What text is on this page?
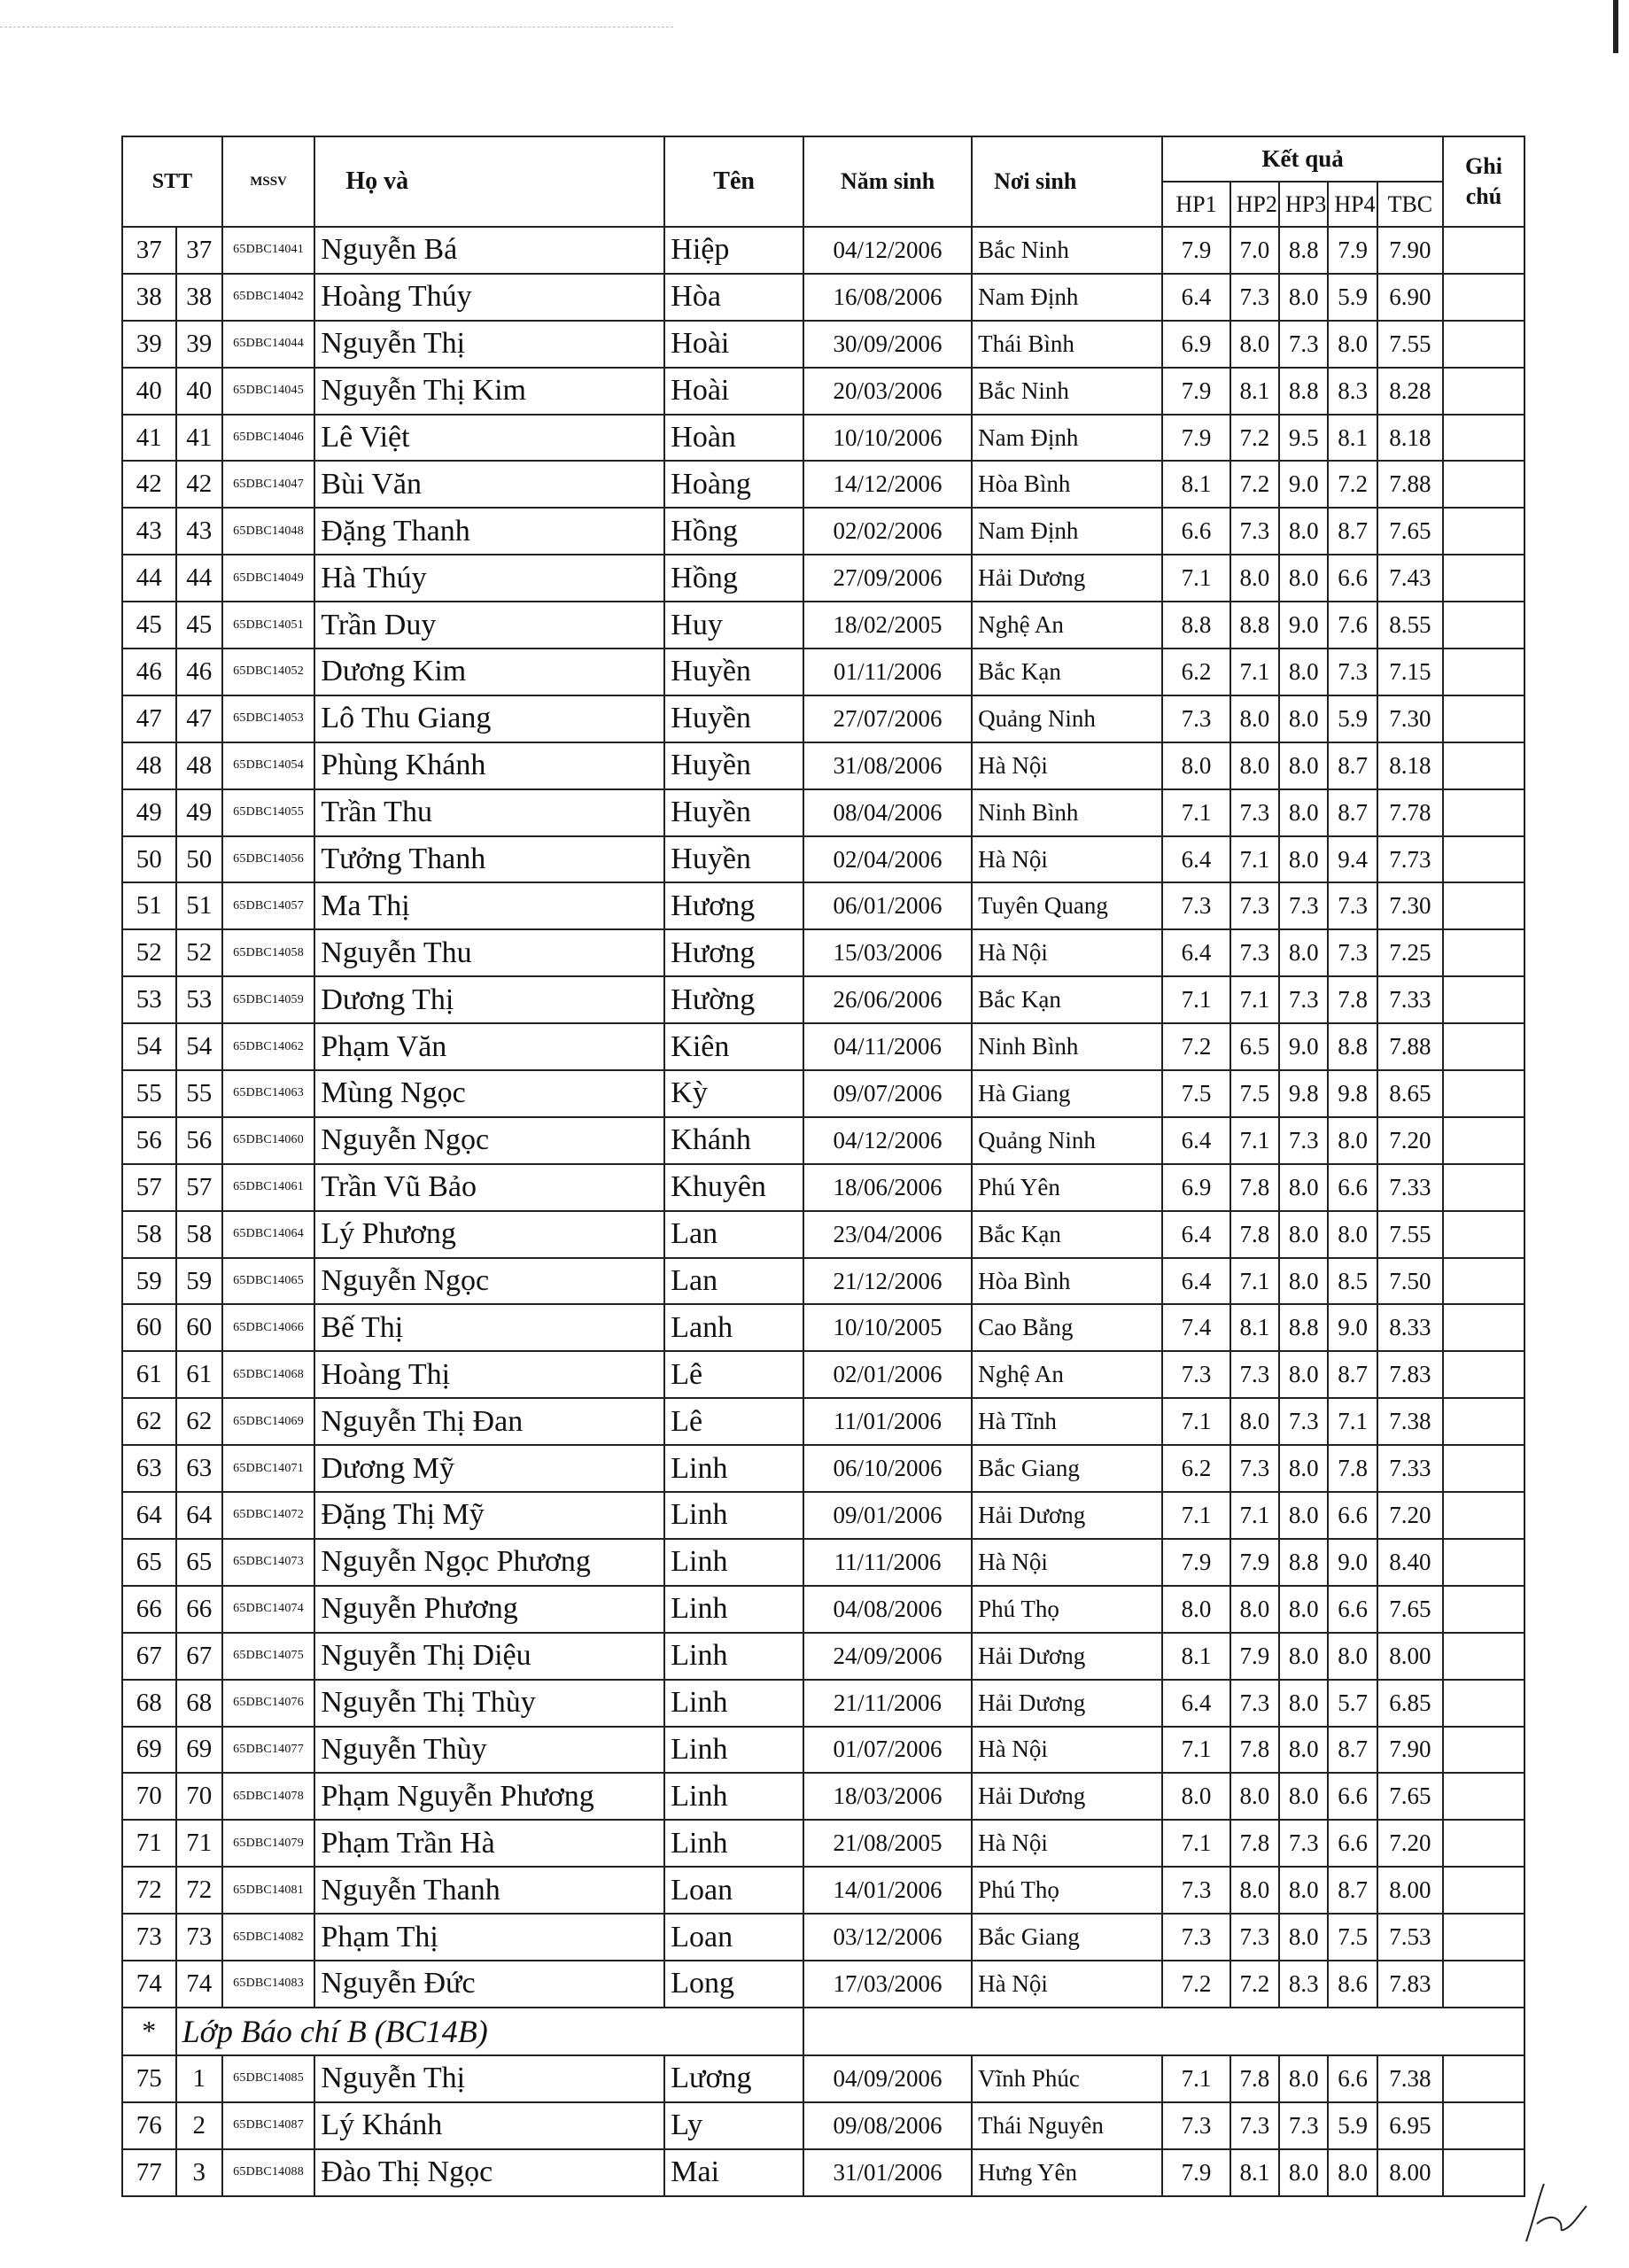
STT		MSSV	Họ và	Tên	Năm sinh	Nơi sinh	Kết quả					Ghi
chú
							HP1	HP2	HP3	HP4	TBC	
37	37	65DBC14041	Nguyễn Bá	Hiệp	04/12/2006	Bắc Ninh	7.9	7.0	8.8	7.9	7.90	
38	38	65DBC14042	Hoàng Thúy	Hòa	16/08/2006	Nam Định	6.4	7.3	8.0	5.9	6.90	
39	39	65DBC14044	Nguyễn Thị	Hoài	30/09/2006	Thái Bình	6.9	8.0	7.3	8.0	7.55	
40	40	65DBC14045	Nguyễn Thị Kim	Hoài	20/03/2006	Bắc Ninh	7.9	8.1	8.8	8.3	8.28	
41	41	65DBC14046	Lê Việt	Hoàn	10/10/2006	Nam Định	7.9	7.2	9.5	8.1	8.18	
42	42	65DBC14047	Bùi Văn	Hoàng	14/12/2006	Hòa Bình	8.1	7.2	9.0	7.2	7.88	
43	43	65DBC14048	Đặng Thanh	Hồng	02/02/2006	Nam Định	6.6	7.3	8.0	8.7	7.65	
44	44	65DBC14049	Hà Thúy	Hồng	27/09/2006	Hải Dương	7.1	8.0	8.0	6.6	7.43	
45	45	65DBC14051	Trần Duy	Huy	18/02/2005	Nghệ An	8.8	8.8	9.0	7.6	8.55	
46	46	65DBC14052	Dương Kim	Huyền	01/11/2006	Bắc Kạn	6.2	7.1	8.0	7.3	7.15	
47	47	65DBC14053	Lô Thu Giang	Huyền	27/07/2006	Quảng Ninh	7.3	8.0	8.0	5.9	7.30	
48	48	65DBC14054	Phùng Khánh	Huyền	31/08/2006	Hà Nội	8.0	8.0	8.0	8.7	8.18	
49	49	65DBC14055	Trần Thu	Huyền	08/04/2006	Ninh Bình	7.1	7.3	8.0	8.7	7.78	
50	50	65DBC14056	Tưởng Thanh	Huyền	02/04/2006	Hà Nội	6.4	7.1	8.0	9.4	7.73	
51	51	65DBC14057	Ma Thị	Hương	06/01/2006	Tuyên Quang	7.3	7.3	7.3	7.3	7.30	
52	52	65DBC14058	Nguyễn Thu	Hương	15/03/2006	Hà Nội	6.4	7.3	8.0	7.3	7.25	
53	53	65DBC14059	Dương Thị	Hường	26/06/2006	Bắc Kạn	7.1	7.1	7.3	7.8	7.33	
54	54	65DBC14062	Phạm Văn	Kiên	04/11/2006	Ninh Bình	7.2	6.5	9.0	8.8	7.88	
55	55	65DBC14063	Mùng Ngọc	Kỳ	09/07/2006	Hà Giang	7.5	7.5	9.8	9.8	8.65	
56	56	65DBC14060	Nguyễn Ngọc	Khánh	04/12/2006	Quảng Ninh	6.4	7.1	7.3	8.0	7.20	
57	57	65DBC14061	Trần Vũ Bảo	Khuyên	18/06/2006	Phú Yên	6.9	7.8	8.0	6.6	7.33	
58	58	65DBC14064	Lý Phương	Lan	23/04/2006	Bắc Kạn	6.4	7.8	8.0	8.0	7.55	
59	59	65DBC14065	Nguyễn Ngọc	Lan	21/12/2006	Hòa Bình	6.4	7.1	8.0	8.5	7.50	
60	60	65DBC14066	Bế Thị	Lanh	10/10/2005	Cao Bằng	7.4	8.1	8.8	9.0	8.33	
61	61	65DBC14068	Hoàng Thị	Lê	02/01/2006	Nghệ An	7.3	7.3	8.0	8.7	7.83	
62	62	65DBC14069	Nguyễn Thị Đan	Lê	11/01/2006	Hà Tĩnh	7.1	8.0	7.3	7.1	7.38	
63	63	65DBC14071	Dương Mỹ	Linh	06/10/2006	Bắc Giang	6.2	7.3	8.0	7.8	7.33	
64	64	65DBC14072	Đặng Thị Mỹ	Linh	09/01/2006	Hải Dương	7.1	7.1	8.0	6.6	7.20	
65	65	65DBC14073	Nguyễn Ngọc Phương	Linh	11/11/2006	Hà Nội	7.9	7.9	8.8	9.0	8.40	
66	66	65DBC14074	Nguyễn Phương	Linh	04/08/2006	Phú Thọ	8.0	8.0	8.0	6.6	7.65	
67	67	65DBC14075	Nguyễn Thị Diệu	Linh	24/09/2006	Hải Dương	8.1	7.9	8.0	8.0	8.00	
68	68	65DBC14076	Nguyễn Thị Thùy	Linh	21/11/2006	Hải Dương	6.4	7.3	8.0	5.7	6.85	
69	69	65DBC14077	Nguyễn Thùy	Linh	01/07/2006	Hà Nội	7.1	7.8	8.0	8.7	7.90	
70	70	65DBC14078	Phạm Nguyễn Phương	Linh	18/03/2006	Hải Dương	8.0	8.0	8.0	6.6	7.65	
71	71	65DBC14079	Phạm Trần Hà	Linh	21/08/2005	Hà Nội	7.1	7.8	7.3	6.6	7.20	
72	72	65DBC14081	Nguyễn Thanh	Loan	14/01/2006	Phú Thọ	7.3	8.0	8.0	8.7	8.00	
73	73	65DBC14082	Phạm Thị	Loan	03/12/2006	Bắc Giang	7.3	7.3	8.0	7.5	7.53	
74	74	65DBC14083	Nguyễn Đức	Long	17/03/2006	Hà Nội	7.2	7.2	8.3	8.6	7.83	
*	Lớp Báo chí B (BC14B)											
75	1	65DBC14085	Nguyễn Thị	Lương	04/09/2006	Vĩnh Phúc	7.1	7.8	8.0	6.6	7.38	
76	2	65DBC14087	Lý Khánh	Ly	09/08/2006	Thái Nguyên	7.3	7.3	7.3	5.9	6.95	
77	3	65DBC14088	Đào Thị Ngọc	Mai	31/01/2006	Hưng Yên	7.9	8.1	8.0	8.0	8.00	
